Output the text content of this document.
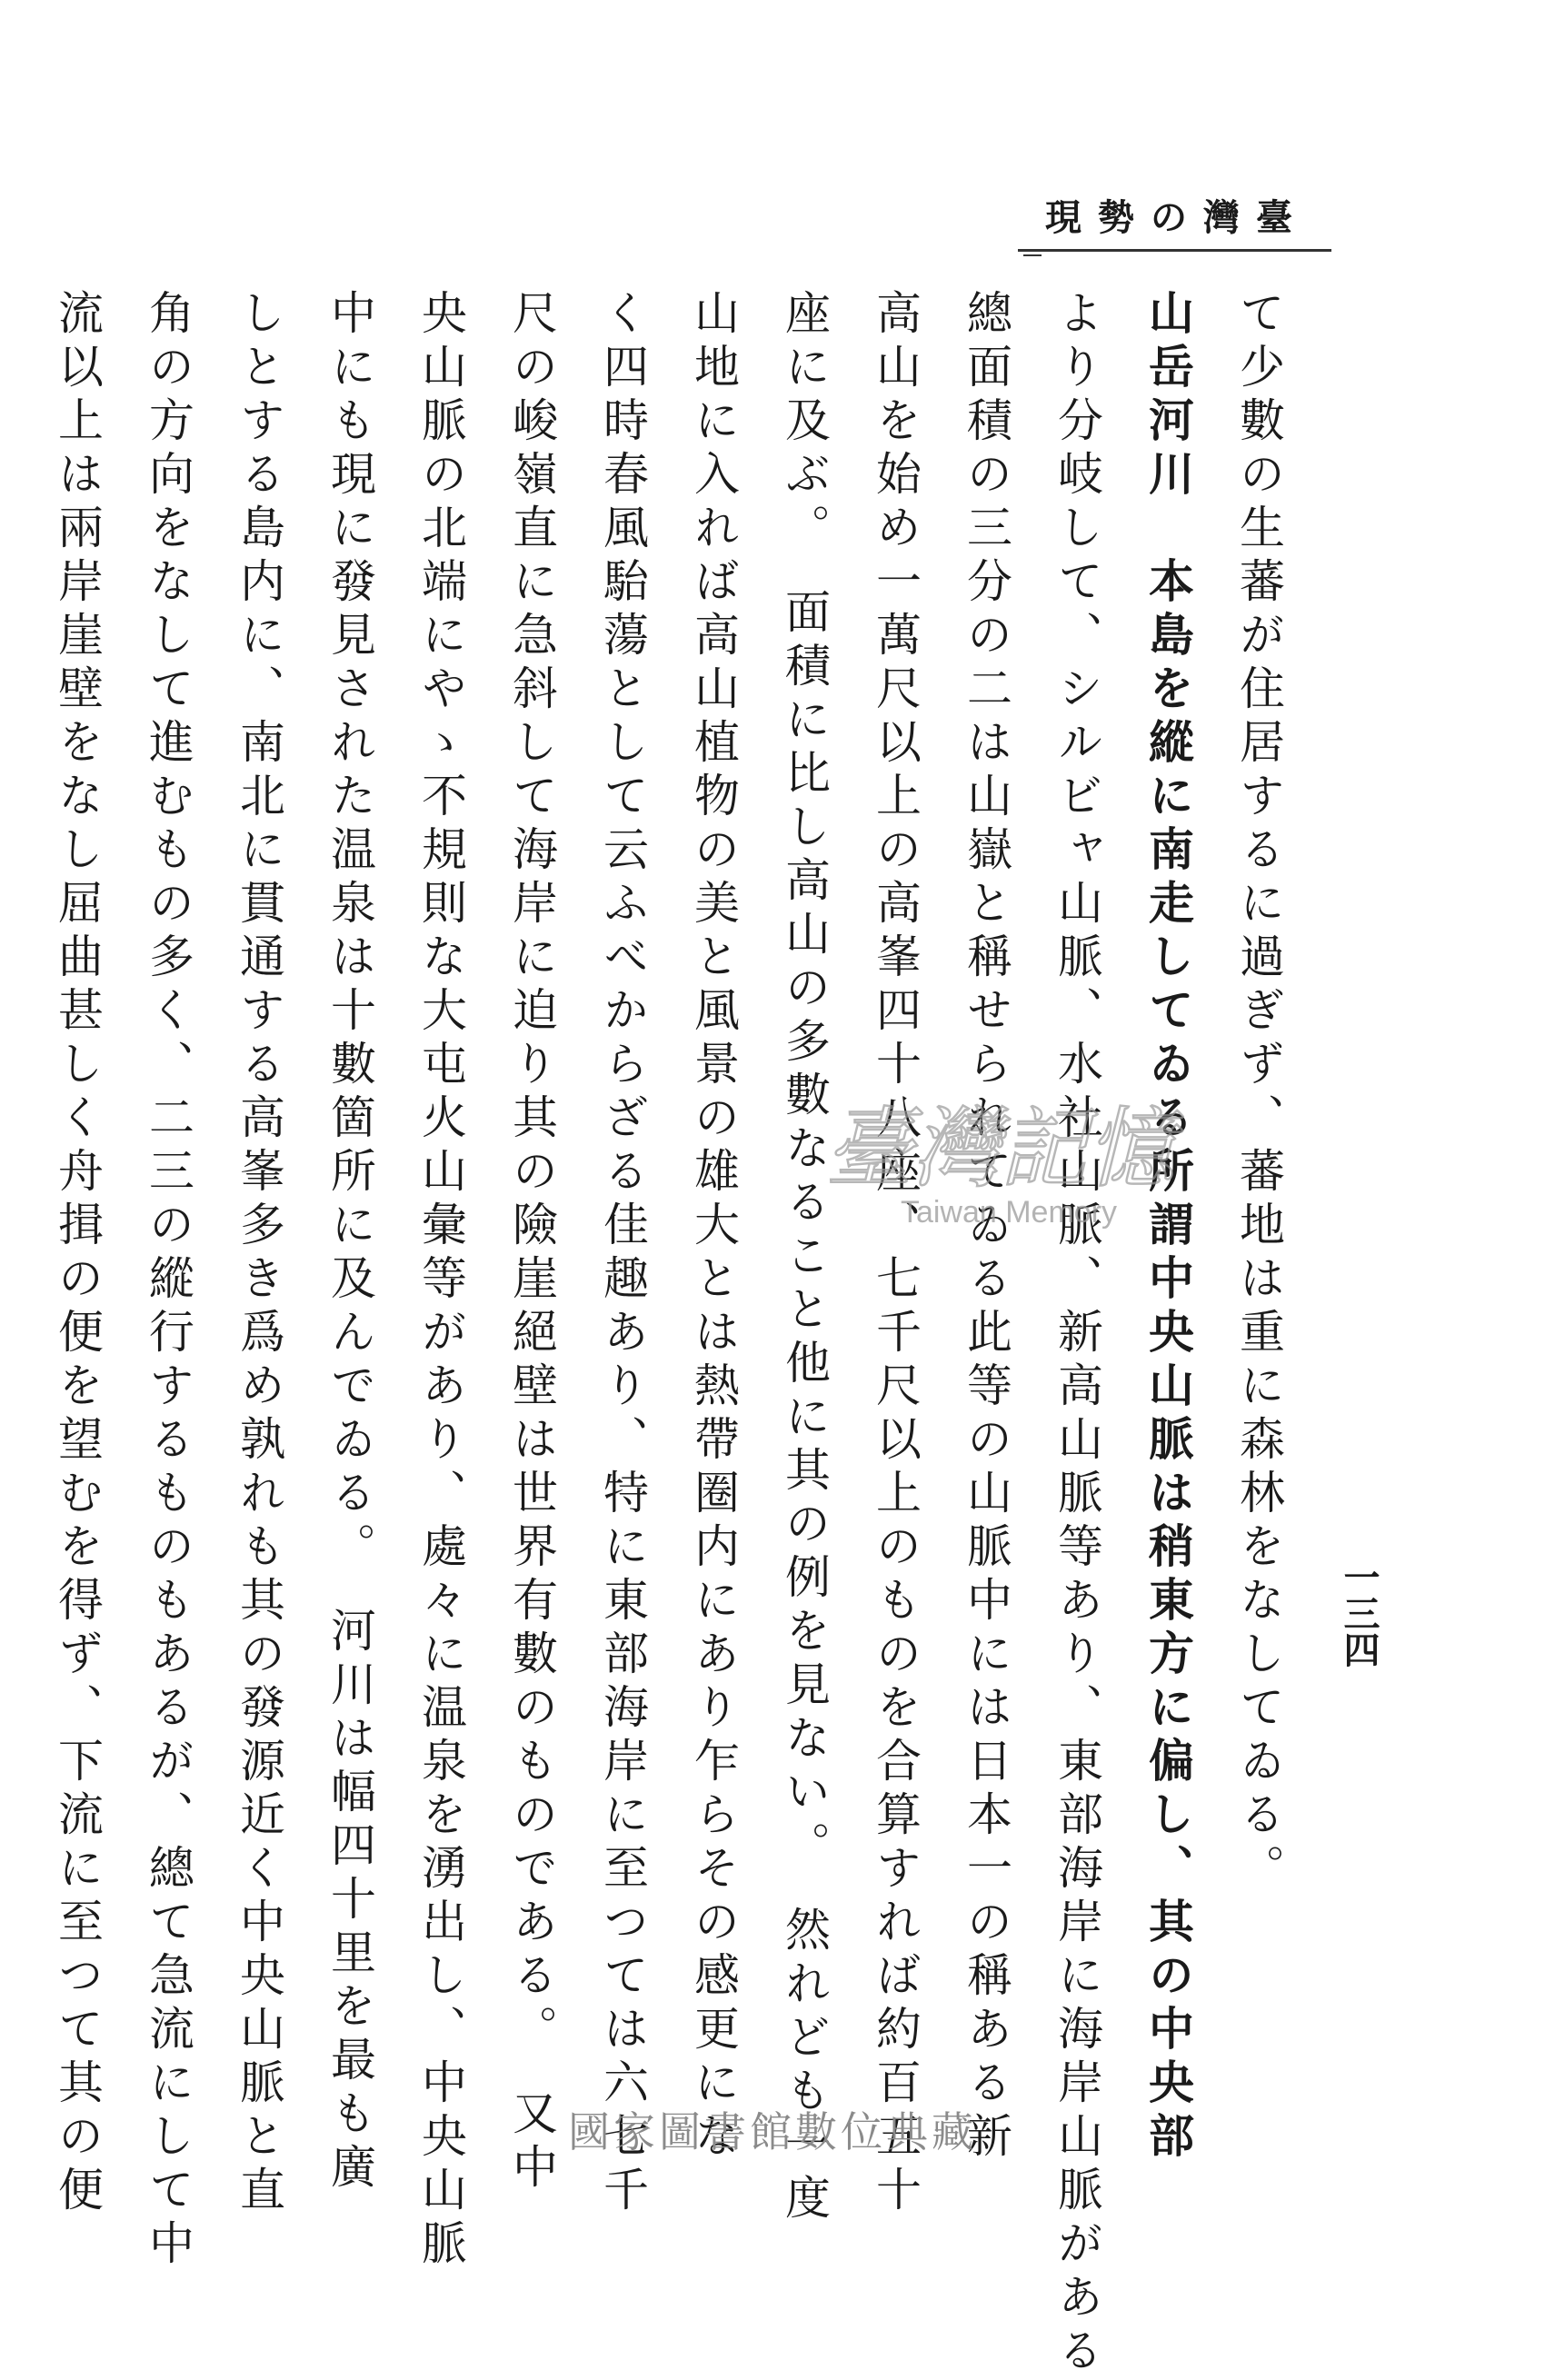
臺灣の勢現
一三四
て少數の生蕃が住居するに過ぎず、蕃地は重に森林をなしてゐる。
山岳河川　本島を縱に南走してゐる所謂中央山脈は稍東方に偏し、其の中央部
より分岐して、シルビャ山脈、水社山脈、新高山脈等あり、東部海岸に海岸山脈がある
總面積の三分の二は山嶽と稱せられてゐる此等の山脈中には日本一の稱ある新
高山を始め一萬尺以上の高峯四十八座、七千尺以上のものを合算すれば約百五十
座に及ぶ。　面積に比し高山の多數なること他に其の例を見ない。　然れども一度
山地に入れば高山植物の美と風景の雄大とは熱帶圈内にあり乍らその感更にな
く四時春風駘蕩として云ふべからざる佳趣あり、特に東部海岸に至つては六七千
尺の峻嶺直に急斜して海岸に迫り其の險崖絕壁は世界有數のものである。　又中
央山脈の北端にやゝ不規則な大屯火山彙等があり、處々に温泉を湧出し、中央山脈
中にも現に發見された温泉は十數箇所に及んでゐる。　河川は幅四十里を最も廣
しとする島内に、南北に貫通する高峯多き爲め孰れも其の發源近く中央山脈と直
角の方向をなして進むもの多く、二三の縱行するものもあるが、總て急流にして中
流以上は兩岸崖壁をなし屈曲甚しく舟揖の便を望むを得ず、下流に至つて其の便	臺灣記憶
Taiwan Memory
國家圖書館數位典藏
